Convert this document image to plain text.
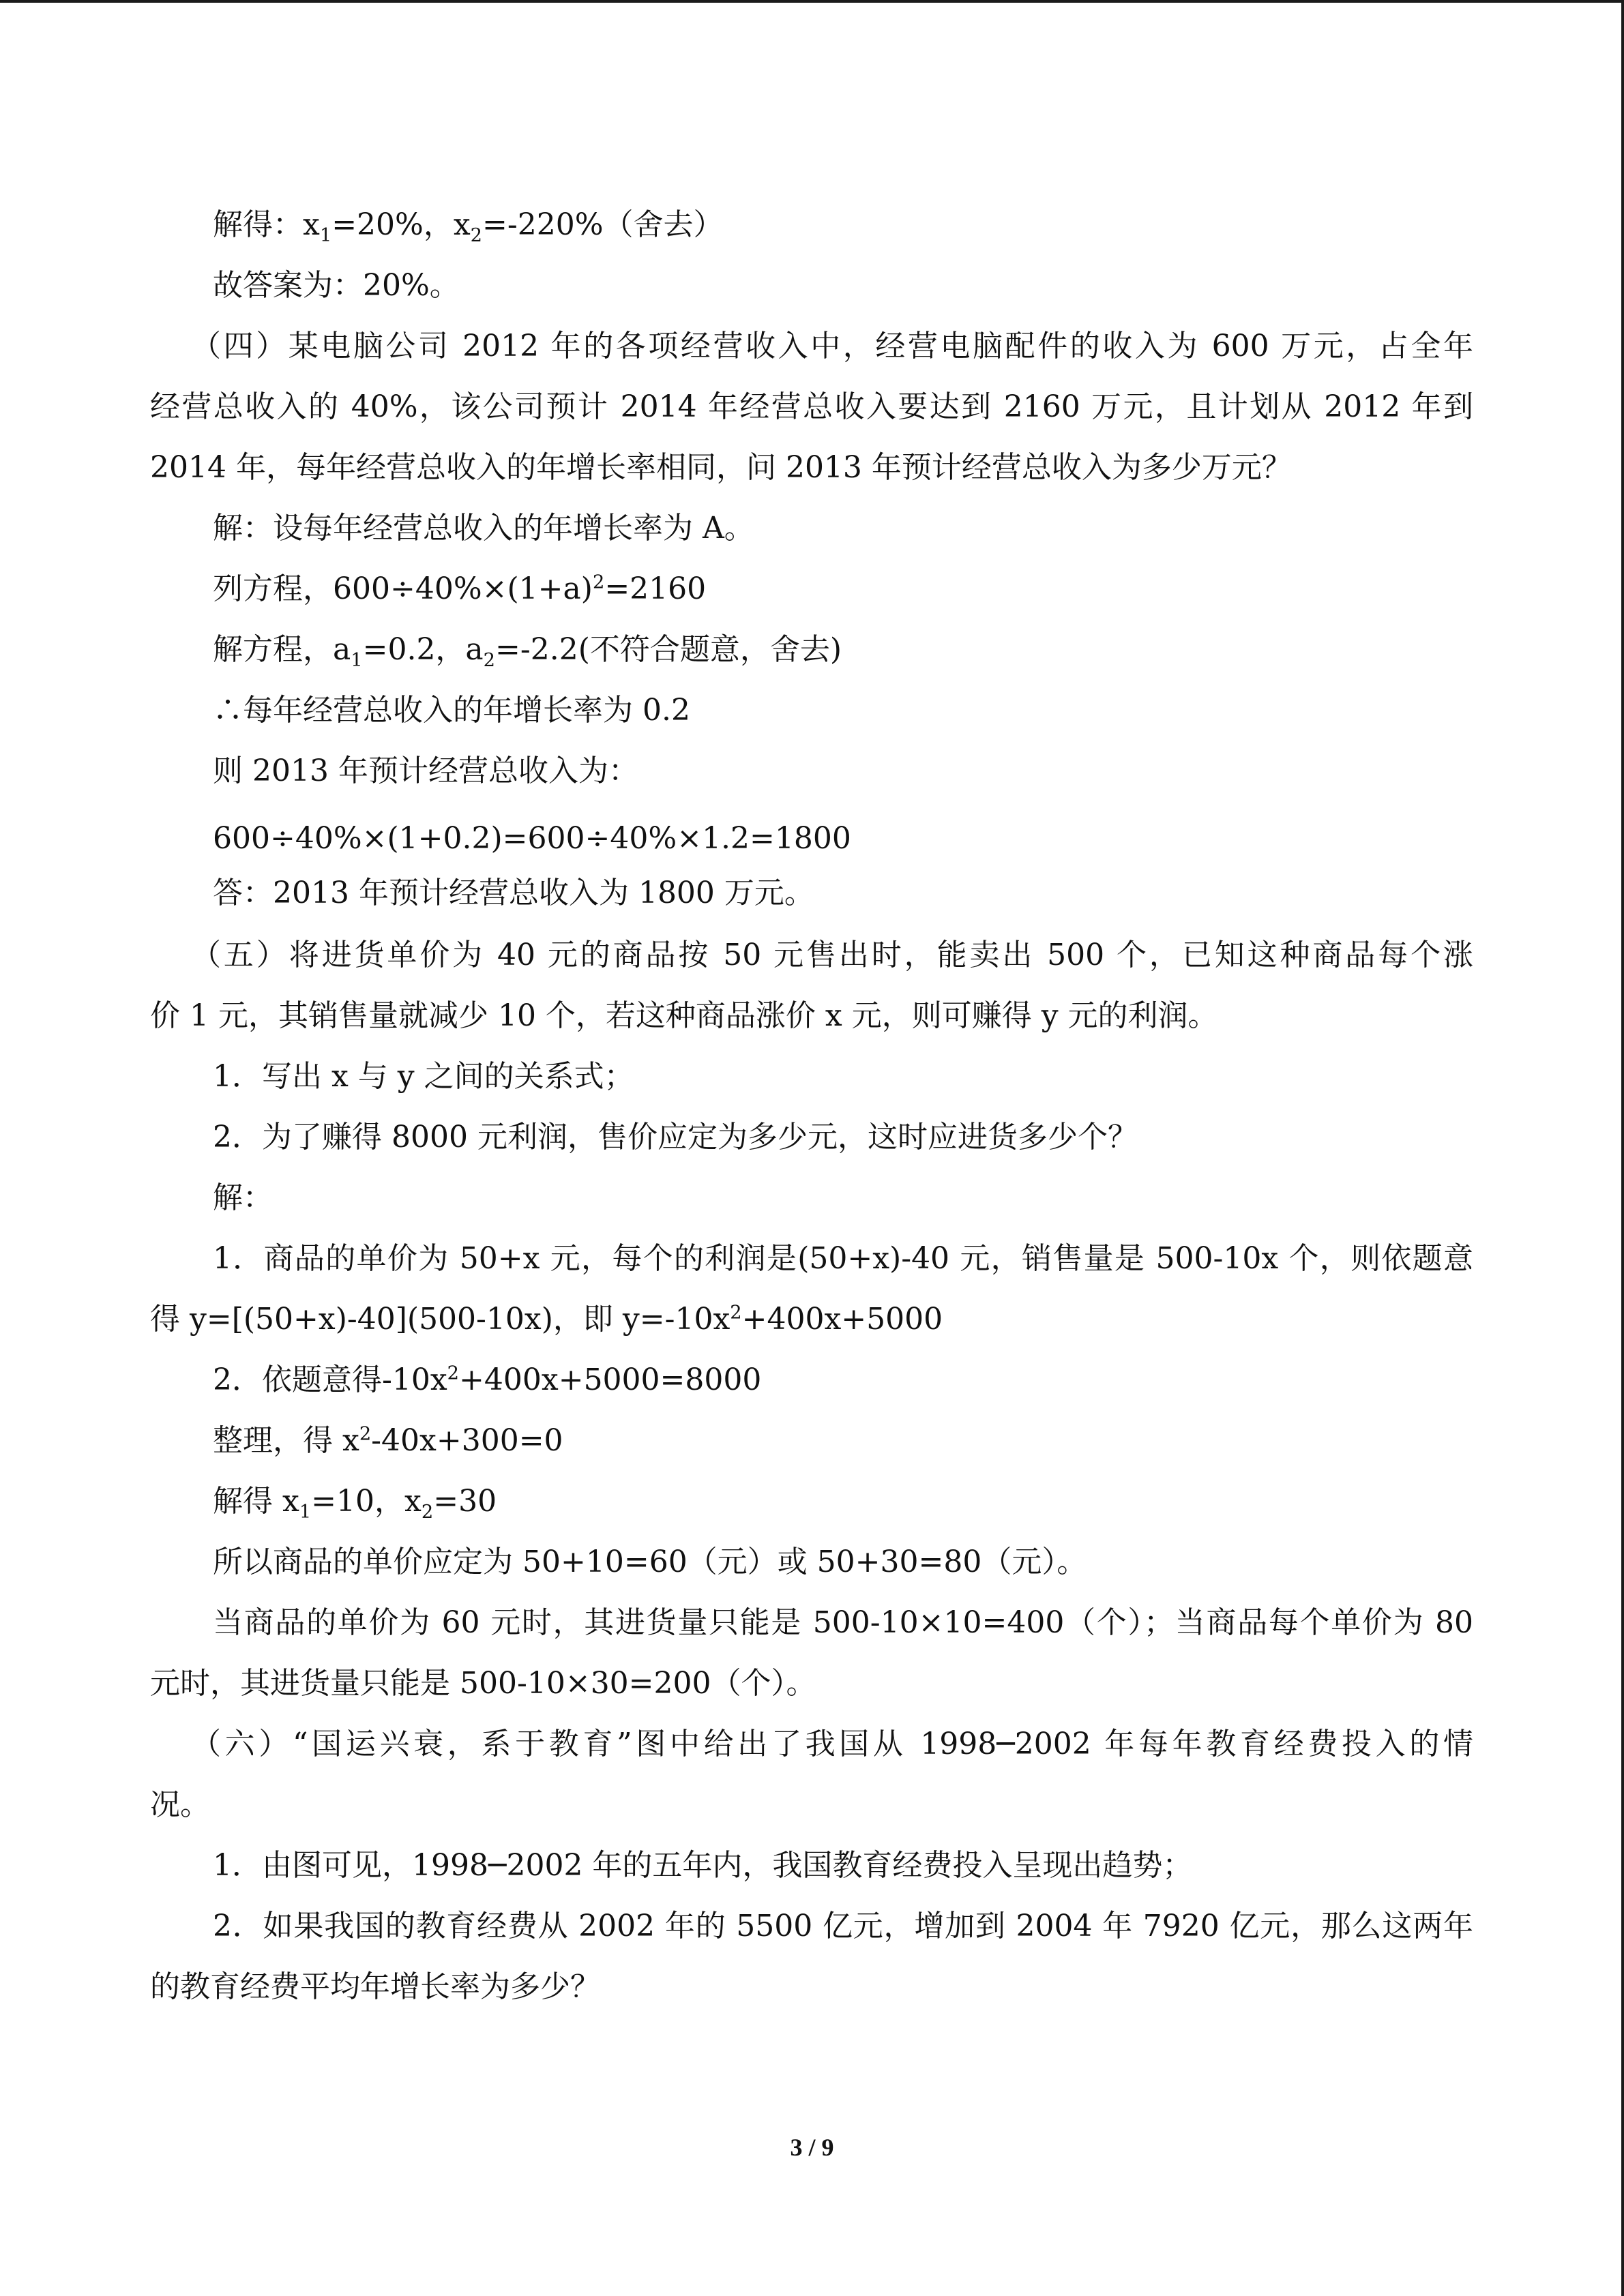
解得：$x_1=20\%$，$x_2=-220\%$（舍去）
故答案为：20%。
（四）某电脑公司 2012 年的各项经营收入中，经营电脑配件的收入为 600 万元，占全年
经营总收入的 40%，该公司预计 2014 年经营总收入要达到 2160 万元，且计划从 2012 年到
2014 年，每年经营总收入的年增长率相同，问 2013 年预计经营总收入为多少万元？
解：设每年经营总收入的年增长率为 A。
列方程，$600\div 40\%\times(1+a)^2=2160$
解方程，$a_1=0.2$，$a_2=-2.2$(不符合题意，舍去)
∴每年经营总收入的年增长率为 0.2
则 2013 年预计经营总收入为：
600÷40%×(1+0.2)=600÷40%×1.2=1800
答：2013 年预计经营总收入为 1800 万元。
（五）将进货单价为 40 元的商品按 50 元售出时，能卖出 500 个，已知这种商品每个涨
价 1 元，其销售量就减少 10 个，若这种商品涨价 x 元，则可赚得 y 元的利润。
1．写出 x 与 y 之间的关系式；
2．为了赚得 8000 元利润，售价应定为多少元，这时应进货多少个？
解：
1．商品的单价为 50+x 元，每个的利润是(50+x)-40 元，销售量是 500-10x 个，则依题意
得 y=[(50+x)-40](500-10x)，即 $y=-10x^2+400x+5000$
2．依题意得$-10x^2+400x+5000=8000$
整理，得 $x^2-40x+300=0$
解得 $x_1=10$，$x_2=30$
所以商品的单价应定为 50+10=60（元）或 50+30=80（元）。
当商品的单价为 60 元时，其进货量只能是 500-10×10=400（个）；当商品每个单价为 80
元时，其进货量只能是 500-10×30=200（个）。
（六）“国运兴衰，系于教育”图中给出了我国从 1998─2002 年每年教育经费投入的情
况。
1．由图可见，1998─2002 年的五年内，我国教育经费投入呈现出趋势；
2．如果我国的教育经费从 2002 年的 5500 亿元，增加到 2004 年 7920 亿元，那么这两年
的教育经费平均年增长率为多少？
3 / 9
